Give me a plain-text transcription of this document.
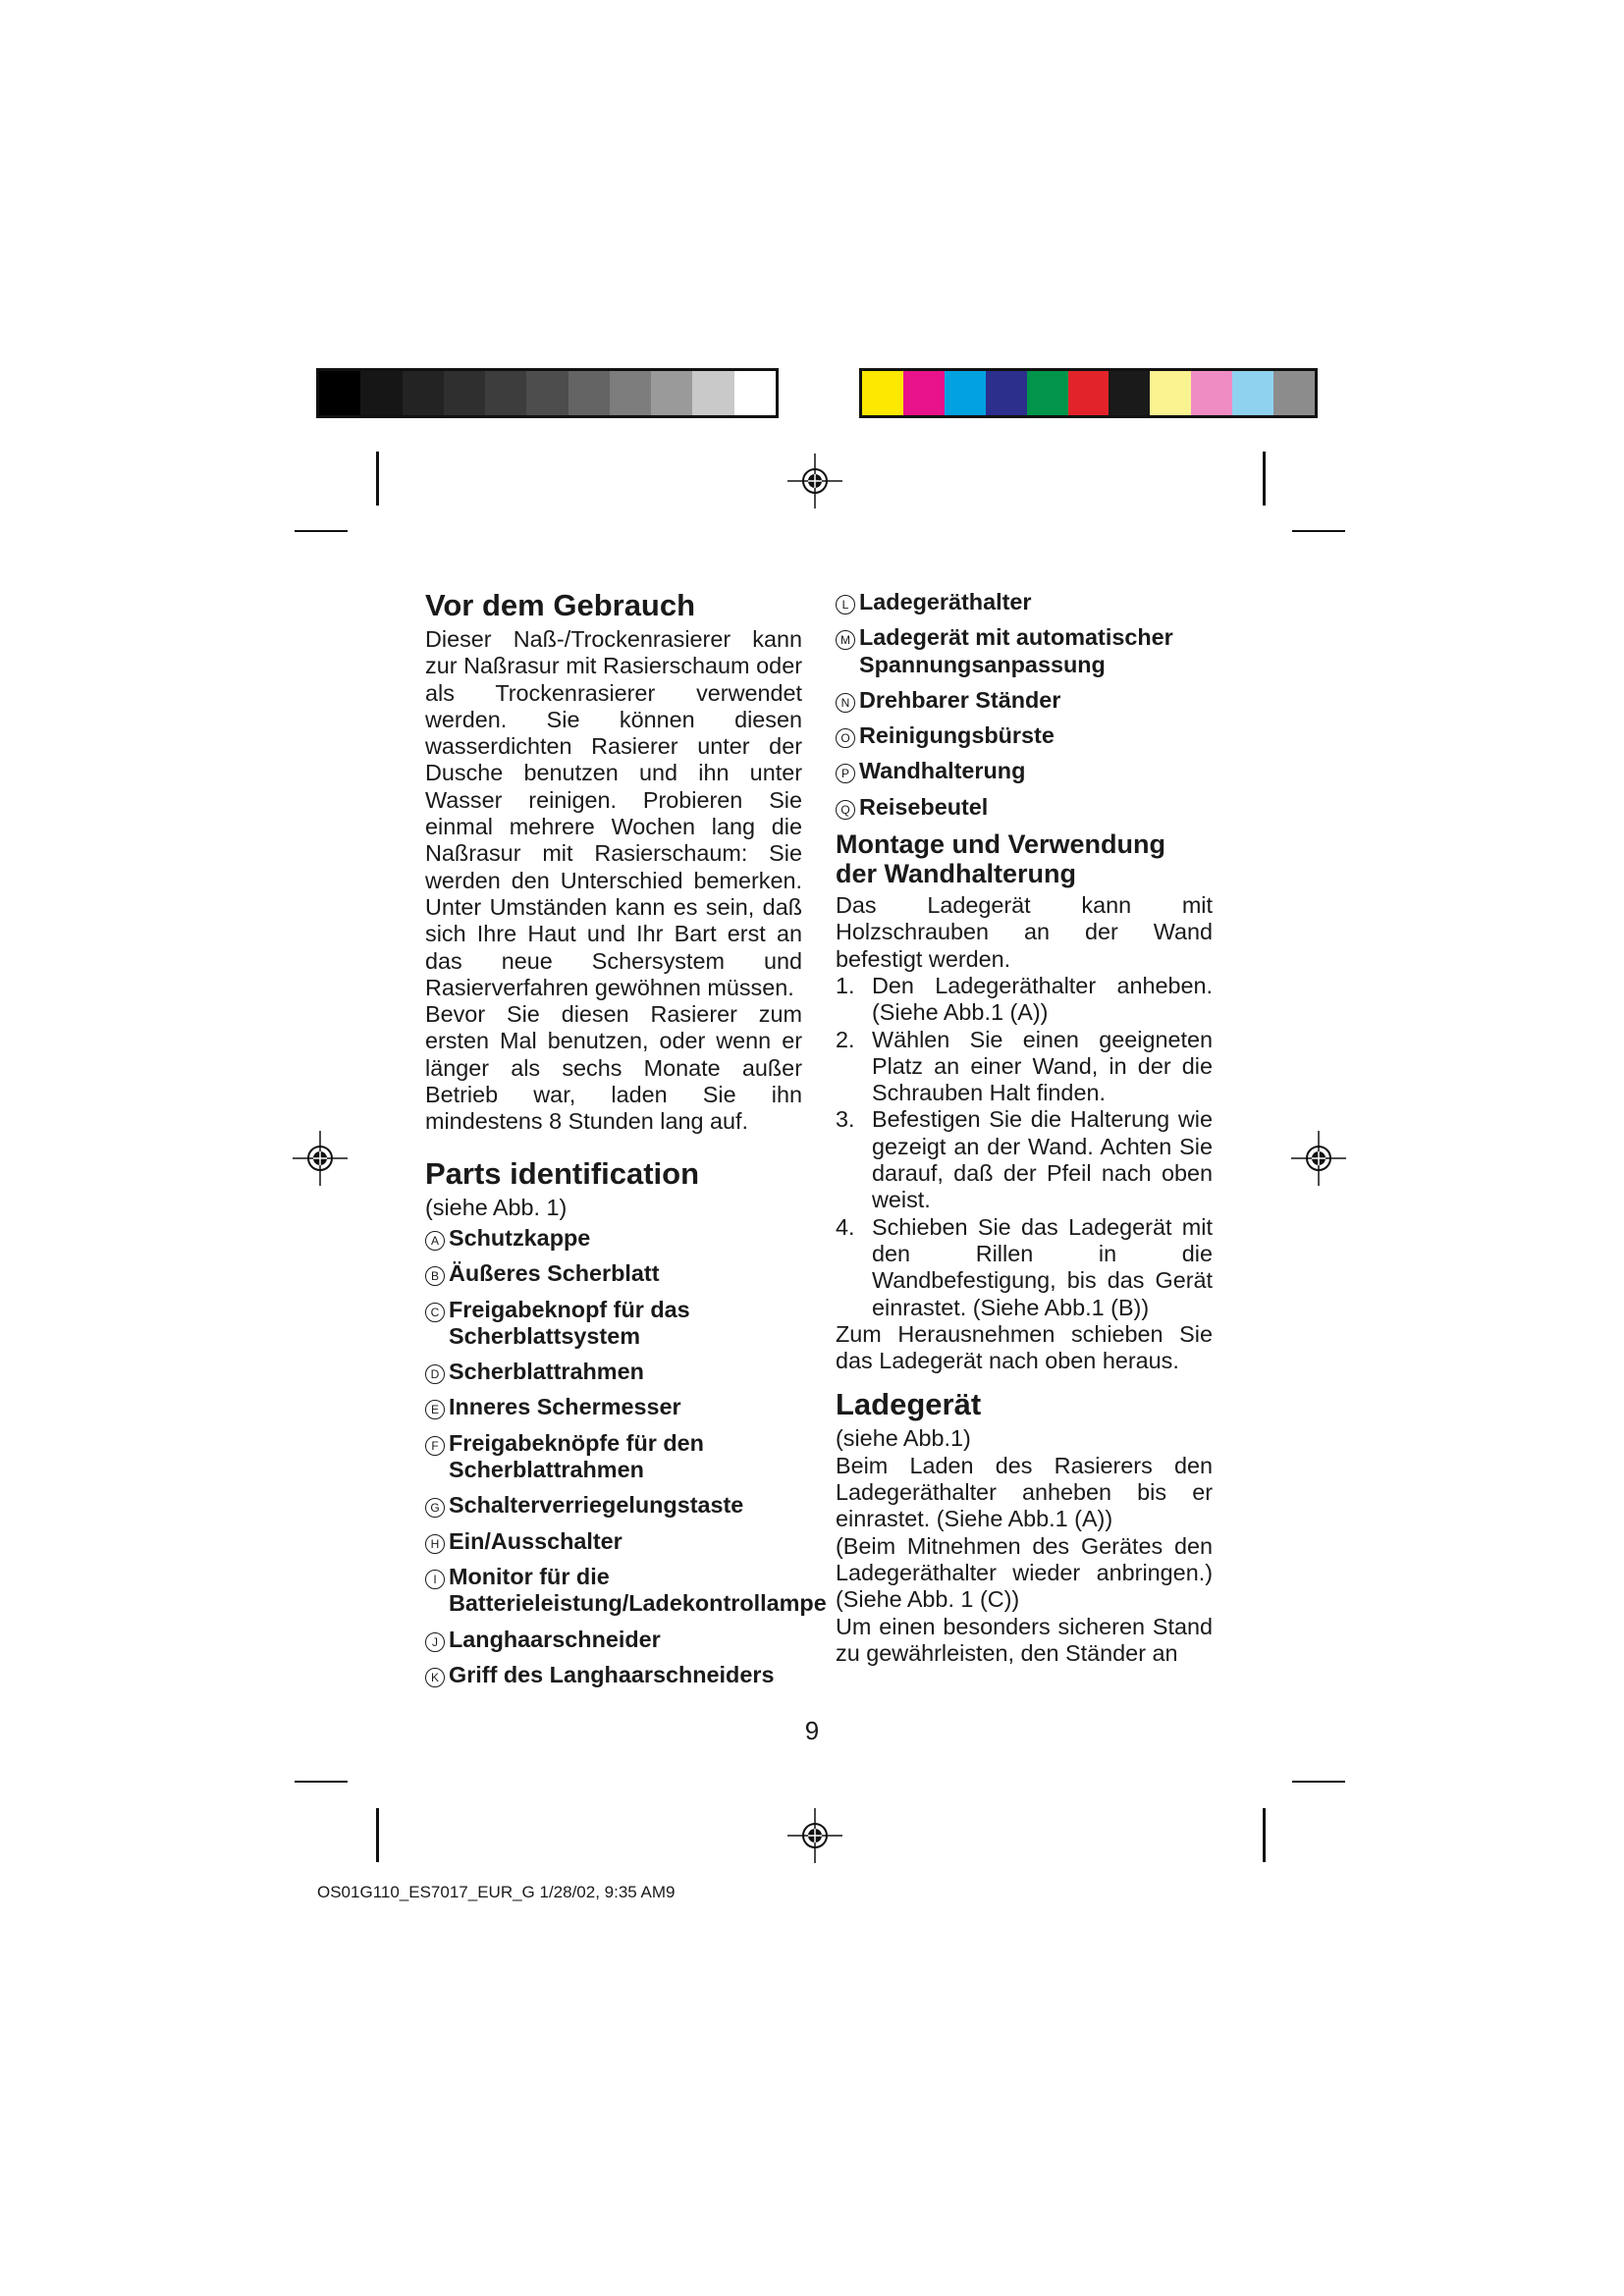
Vor dem Gebrauch

Dieser Naß-/Trockenrasierer kann zur Naßrasur mit Rasierschaum oder als Trockenrasierer verwendet werden. Sie können diesen wasserdichten Rasierer unter der Dusche benutzen und ihn unter Wasser reinigen. Probieren Sie einmal mehrere Wochen lang die Naßrasur mit Rasierschaum: Sie werden den Unterschied bemerken. Unter Umständen kann es sein, daß sich Ihre Haut und Ihr Bart erst an das neue Schersystem und Rasierverfahren gewöhnen müssen.

Bevor Sie diesen Rasierer zum ersten Mal benutzen, oder wenn er länger als sechs Monate außer Betrieb war, laden Sie ihn mindestens 8 Stunden lang auf.

Parts identification

(siehe Abb. 1)

A Schutzkappe
B Äußeres Scherblatt
C Freigabeknopf für das Scherblattsystem
D Scherblattrahmen
E Inneres Schermesser
F Freigabeknöpfe für den Scherblattrahmen
G Schalterverriegelungstaste
H Ein/Ausschalter
I Monitor für die Batterieleistung/Ladekontrollampe
J Langhaarschneider
K Griff des Langhaarschneiders
L Ladegeräthalter
M Ladegerät mit automatischer Spannungsanpassung
N Drehbarer Ständer
O Reinigungsbürste
P Wandhalterung
Q Reisebeutel
Montage und Verwendung der Wandhalterung

Das Ladegerät kann mit Holzschrauben an der Wand befestigt werden.

1. Den Ladegeräthalter anheben. (Siehe Abb.1 (A))
2. Wählen Sie einen geeigneten Platz an einer Wand, in der die Schrauben Halt finden.
3. Befestigen Sie die Halterung wie gezeigt an der Wand. Achten Sie darauf, daß der Pfeil nach oben weist.
4. Schieben Sie das Ladegerät mit den Rillen in die Wandbefestigung, bis das Gerät einrastet. (Siehe Abb.1 (B))

Zum Herausnehmen schieben Sie das Ladegerät nach oben heraus.

Ladegerät

(siehe Abb.1)

Beim Laden des Rasierers den Ladegeräthalter anheben bis er einrastet. (Siehe Abb.1 (A))

(Beim Mitnehmen des Gerätes den Ladegeräthalter wieder anbringen.) (Siehe Abb. 1 (C))

Um einen besonders sicheren Stand zu gewährleisten, den Ständer an

9
OS01G110_ES7017_EUR_G 1/28/02, 9:35 AM9
